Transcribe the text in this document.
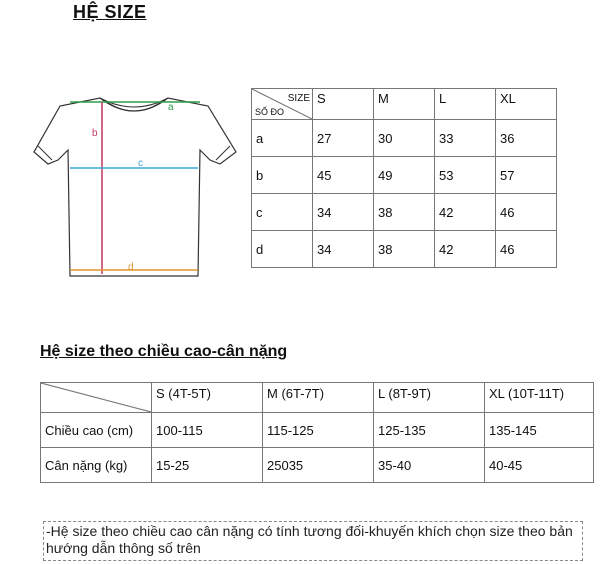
HỆ SIZE
a
b
c
d
SIZE
SỐ ĐO	S	M	L	XL
a	27	30	33	36
b	45	49	53	57
c	34	38	42	46
d	34	38	42	46
Hệ size theo chiều cao-cân nặng
	S (4T-5T)	M (6T-7T)	L (8T-9T)	XL (10T-11T)
Chiều cao (cm)	100-115	115-125	125-135	135-145
Cân nặng (kg)	15-25	25035	35-40	40-45
-Hệ size theo chiều cao cân nặng có tính tương đối-khuyến khích chọn size theo bản hướng dẫn thông số trên
